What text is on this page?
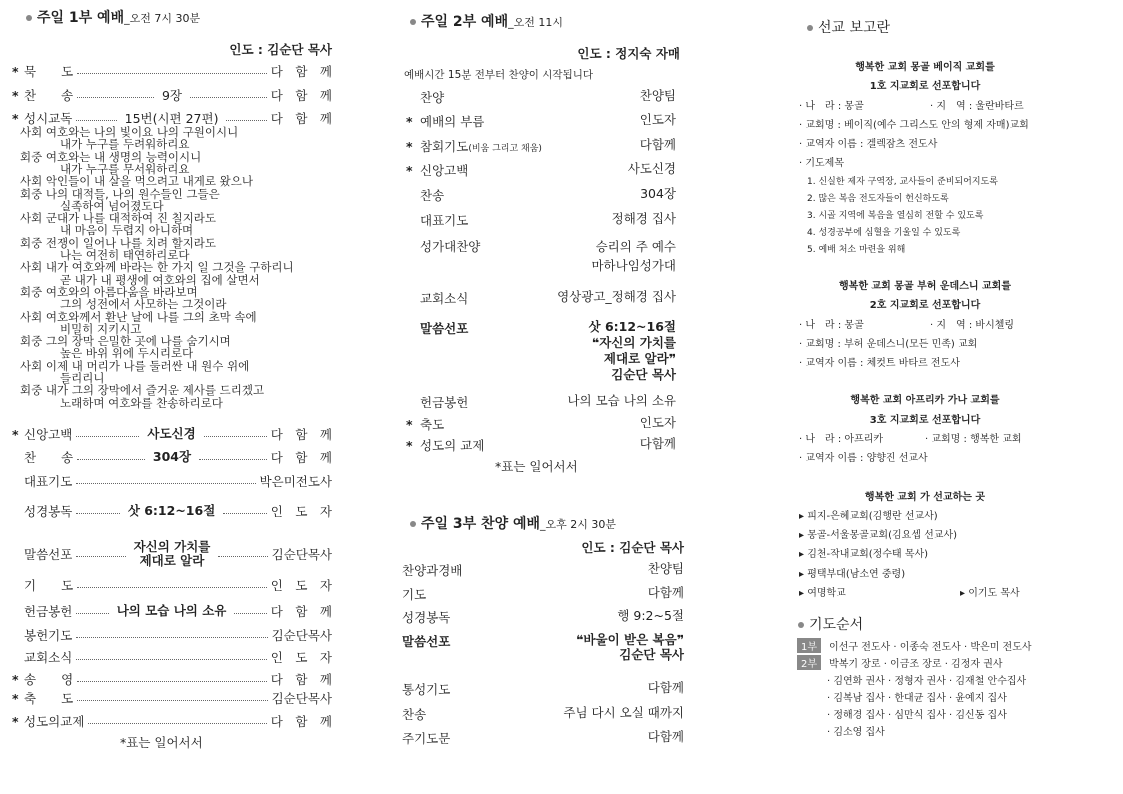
주일 1부 예배_오전 7시 30분
인도 : 김순단 목사
* 묵　　도	다　함　께
* 찬　　송	9장	다　함　께
* 성시교독	15번(시편 27편)	다　함　께
사회 여호와는 나의 빛이요 나의 구원이시니
내가 누구를 두려워하리요
회중 여호와는 내 생명의 능력이시니
내가 누구를 무서워하리요
사회 악인들이 내 살을 먹으려고 내게로 왔으나
회중 나의 대적들, 나의 원수들인 그들은
실족하여 넘어졌도다
사회 군대가 나를 대적하여 진 칠지라도
내 마음이 두렵지 아니하며
회중 전쟁이 일어나 나를 치려 할지라도
나는 여전히 태연하리로다
사회 내가 여호와께 바라는 한 가지 일 그것을 구하리니
곧 내가 내 평생에 여호와의 집에 살면서
회중 여호와의 아름다움을 바라보며
그의 성전에서 사모하는 그것이라
사회 여호와께서 환난 날에 나를 그의 초막 속에
비밀히 지키시고
회중 그의 장막 은밀한 곳에 나를 숨기시며
높은 바위 위에 두시리로다
사회 이제 내 머리가 나를 둘러싼 내 원수 위에
들리리니
회중 내가 그의 장막에서 즐거운 제사를 드리겠고
노래하며 여호와를 찬송하리로다
* 신앙고백	사도신경	다　함　께
찬　　송	304장	다　함　께
대표기도	박은미전도사
성경봉독	삿 6:12~16절	인　도　자
말씀선포
자신의 가치를
제대로 알라	김순단목사
기　　도	인　도　자
헌금봉헌	나의 모습 나의 소유	다　함　께
봉헌기도	김순단목사
교회소식	인　도　자
* 송　　영	다　함　께
* 축　　도	김순단목사
* 성도의교제	다　함　께
*표는 일어서서
주일 2부 예배_오전 11시
인도 : 정지숙 자매
예배시간 15분 전부터 찬양이 시작됩니다
찬양	찬양팀
* 예배의 부름	인도자
* 참회기도(비움 그리고 채움)	다함께
* 신앙고백	사도신경
찬송	304장
대표기도	정해경 집사
성가대찬양	승리의 주 예수
마하나임성가대
교회소식	영상광고_정해경 집사
말씀선포	삿 6:12~16절
❝자신의 가치를
제대로 알라❞
김순단 목사
헌금봉헌	나의 모습 나의 소유
* 축도	인도자
* 성도의 교제	다함께
*표는 일어서서
주일 3부 찬양 예배_오후 2시 30분
인도 : 김순단 목사
찬양과경배	찬양팀
기도	다함께
성경봉독	행 9:2~5절
말씀선포	❝바울이 받은 복음❞
김순단 목사
통성기도	다함께
찬송	주님 다시 오실 때까지
주기도문	다함께
선교 보고란
행복한 교회 몽골 베이직 교회를
1호 지교회로 선포합니다
· 나　라 : 몽골	· 지　역 : 울란바타르
· 교회명 : 베이직(예수 그리스도 안의 형제 자매)교회
· 교역자 이름 : 겔렉잠츠 전도사
· 기도제목
1. 신실한 제자 구역장, 교사들이 준비되어지도록
2. 많은 복음 전도자들이 헌신하도록
3. 시골 지역에 복음을 열심히 전할 수 있도록
4. 성경공부에 심혈을 기울일 수 있도록
5. 예배 처소 마련을 위해
행복한 교회 몽골 부허 운데스니 교회를
2호 지교회로 선포합니다
· 나　라 : 몽골	· 지　역 : 바시첼링
· 교회명 : 부허 운데스니(모든 민족) 교회
· 교역자 이름 : 체컷트 바타르 전도사
행복한 교회 아프리카 가나 교회를
3호 지교회로 선포합니다
· 나　라 : 아프리카	· 교회명 : 행복한 교회
· 교역자 이름 : 양향진 선교사
행복한 교회 가 선교하는 곳
▸ 피지-은혜교회(김행란 선교사)
▸ 몽골-서울몽골교회(김요셉 선교사)
▸ 김천-작내교회(정수태 목사)
▸ 평택부대(남소연 중령)
▸ 여명학교	▸ 이기도 목사
기도순서
1부 이선구 전도사 · 이종숙 전도사 · 박은미 전도사
2부 박복기 장로 · 이금조 장로 · 김정자 권사
· 김연화 권사 · 정형자 권사 · 김재철 안수집사
· 김복남 집사 · 한대균 집사 · 윤예지 집사
· 정해경 집사 · 심만식 집사 · 김신동 집사
· 김소영 집사
